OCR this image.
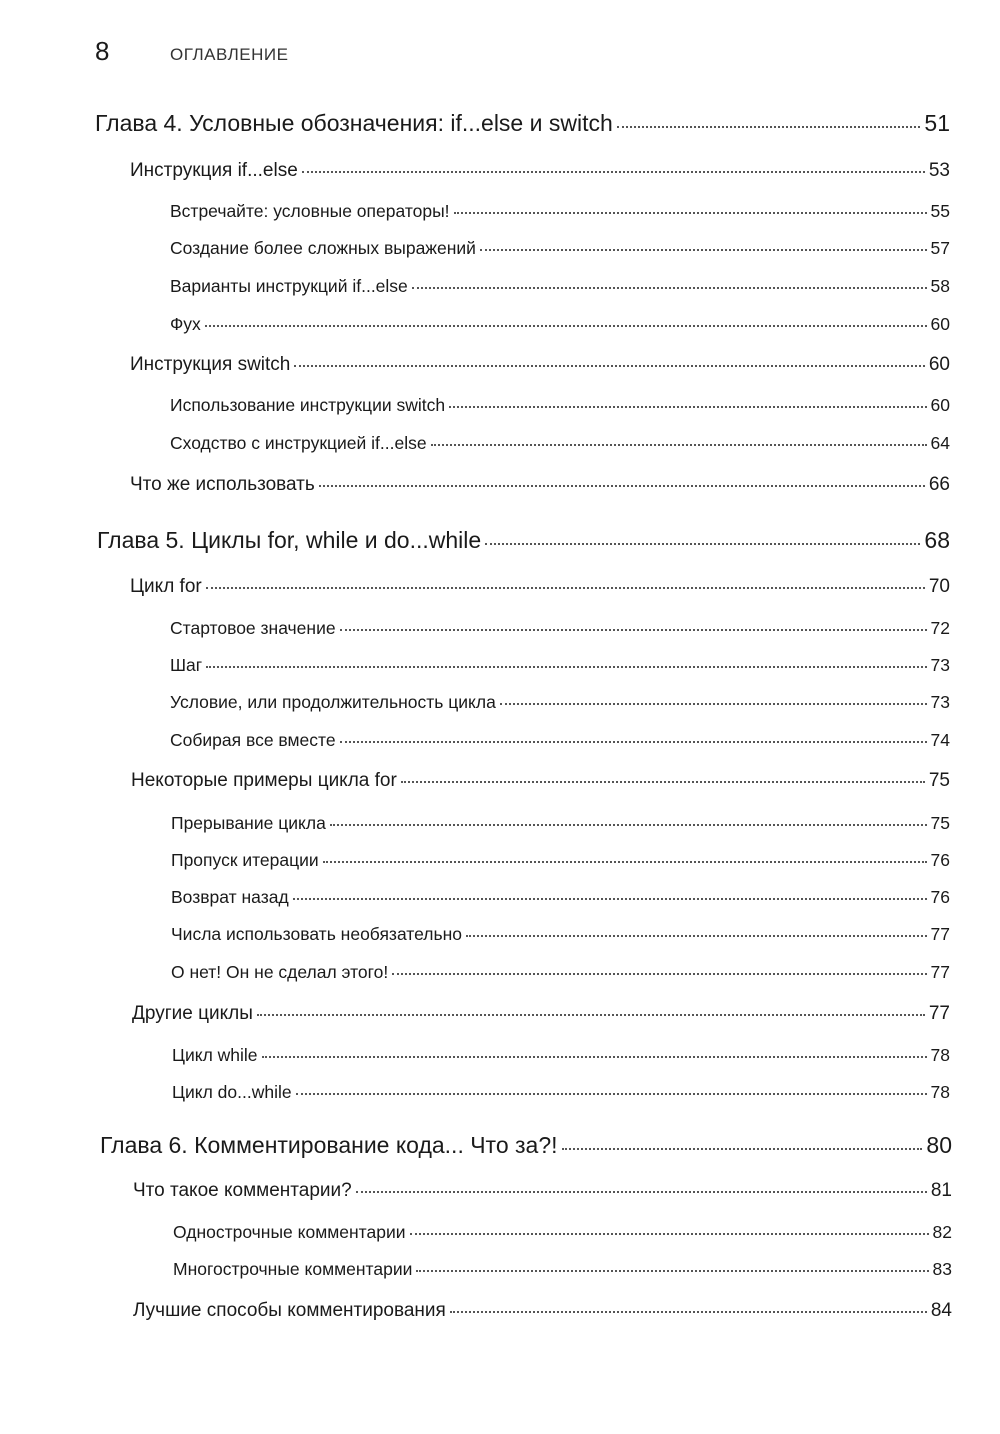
8	ОГЛАВЛЕНИЕ
Глава 4. Условные обозначения: if...else и switch	51
Инструкция if...else	53
Встречайте: условные операторы!	55
Создание более сложных выражений	57
Варианты инструкций if...else	58
Фух	60
Инструкция switch	60
Использование инструкции switch	60
Сходство с инструкцией if...else	64
Что же использовать	66
Глава 5. Циклы for, while и do...while	68
Цикл for	70
Стартовое значение	72
Шаг	73
Условие, или продолжительность цикла	73
Собирая все вместе	74
Некоторые примеры цикла for	75
Прерывание цикла	75
Пропуск итерации	76
Возврат назад	76
Числа использовать необязательно	77
О нет! Он не сделал этого!	77
Другие циклы	77
Цикл while	78
Цикл do...while	78
Глава 6. Комментирование кода... Что за?!	80
Что такое комментарии?	81
Однострочные комментарии	82
Многострочные комментарии	83
Лучшие способы комментирования	84
